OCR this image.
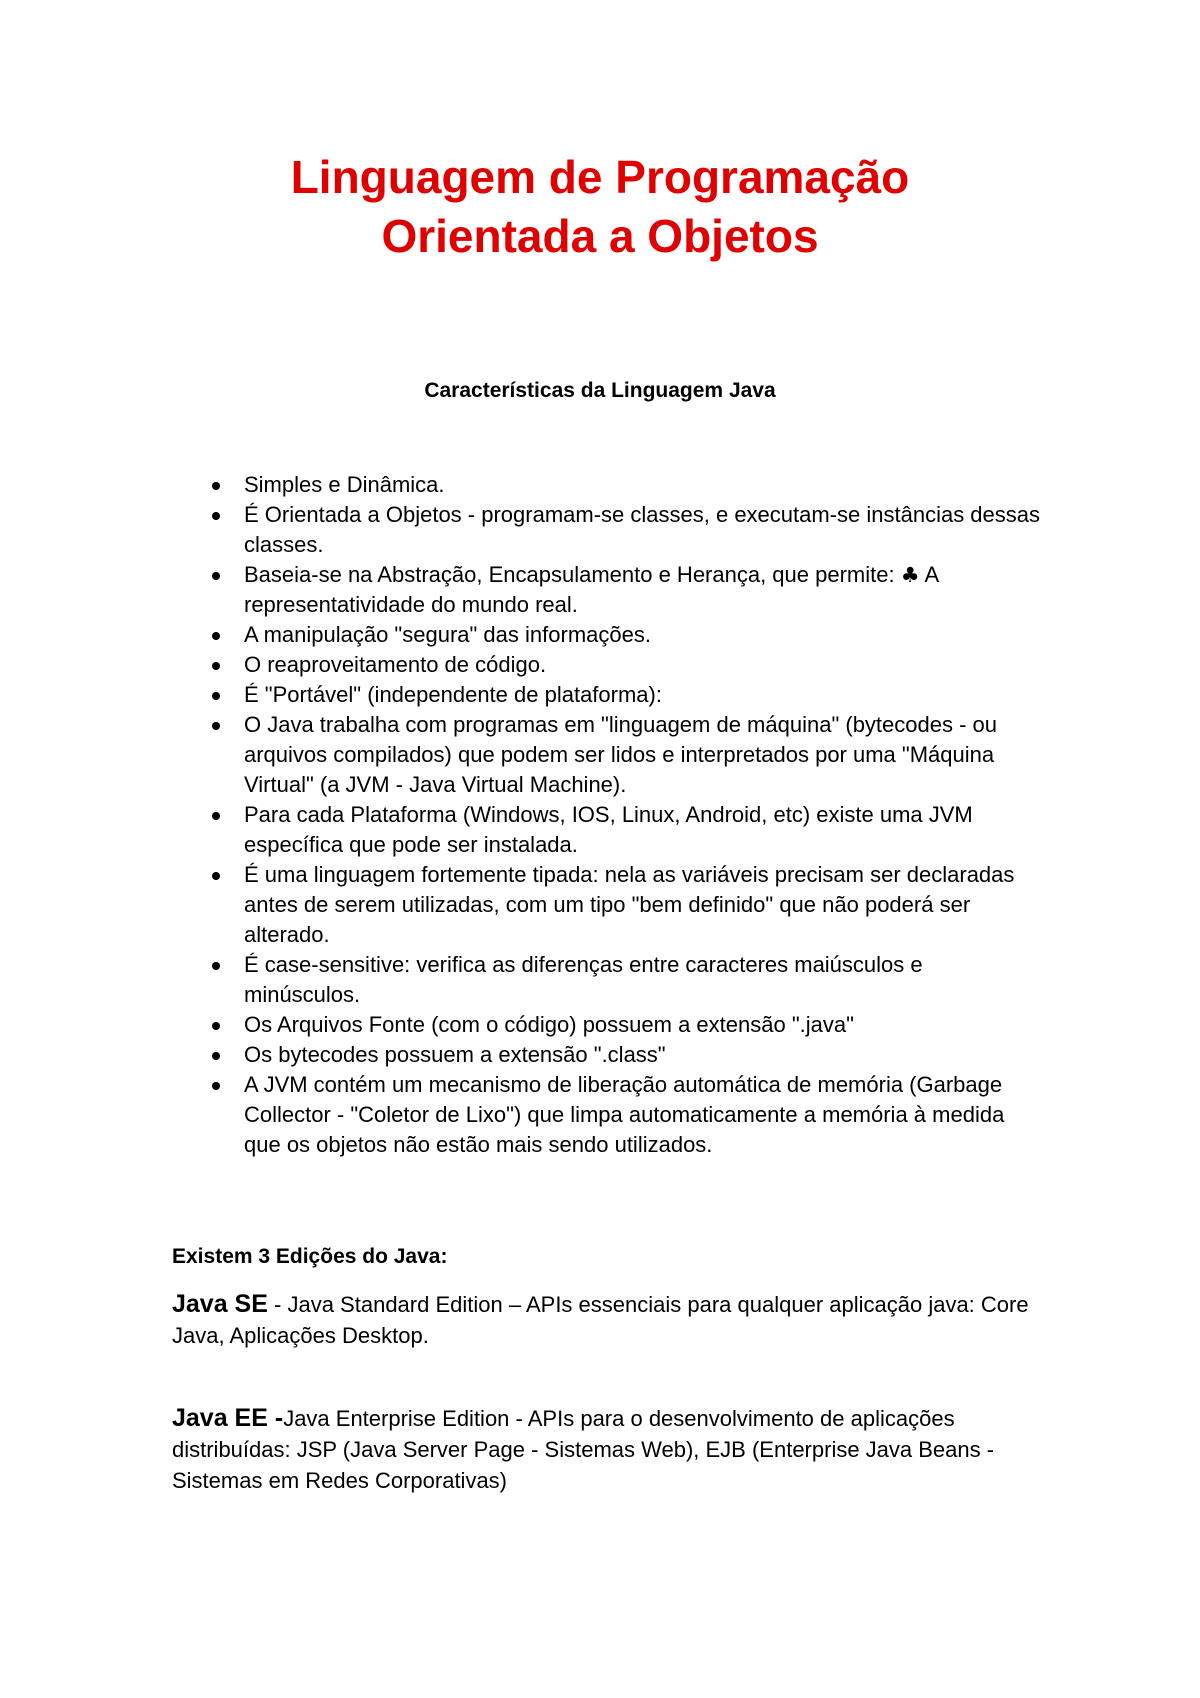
Linguagem de Programação
Orientada a Objetos
Características da Linguagem Java
Simples e Dinâmica.
É Orientada a Objetos - programam-se classes, e executam-se instâncias dessas classes.
Baseia-se na Abstração, Encapsulamento e Herança, que permite: ♣ A representatividade do mundo real.
A manipulação "segura" das informações.
O reaproveitamento de código.
É "Portável" (independente de plataforma):
O Java trabalha com programas em "linguagem de máquina" (bytecodes - ou arquivos compilados) que podem ser lidos e interpretados por uma "Máquina Virtual" (a JVM - Java Virtual Machine).
Para cada Plataforma (Windows, IOS, Linux, Android, etc) existe uma JVM específica que pode ser instalada.
É uma linguagem fortemente tipada: nela as variáveis precisam ser declaradas antes de serem utilizadas, com um tipo "bem definido" que não poderá ser alterado.
É case-sensitive: verifica as diferenças entre caracteres maiúsculos e minúsculos.
Os Arquivos Fonte (com o código) possuem a extensão ".java"
Os bytecodes possuem a extensão ".class"
A JVM contém um mecanismo de liberação automática de memória (Garbage Collector - "Coletor de Lixo") que limpa automaticamente a memória à medida que os objetos não estão mais sendo utilizados.
Existem 3 Edições do Java:

Java SE - Java Standard Edition – APIs essenciais para qualquer aplicação java: Core Java, Aplicações Desktop.

Java EE -Java Enterprise Edition - APIs para o desenvolvimento de aplicações distribuídas: JSP (Java Server Page - Sistemas Web), EJB (Enterprise Java Beans - Sistemas em Redes Corporativas)
